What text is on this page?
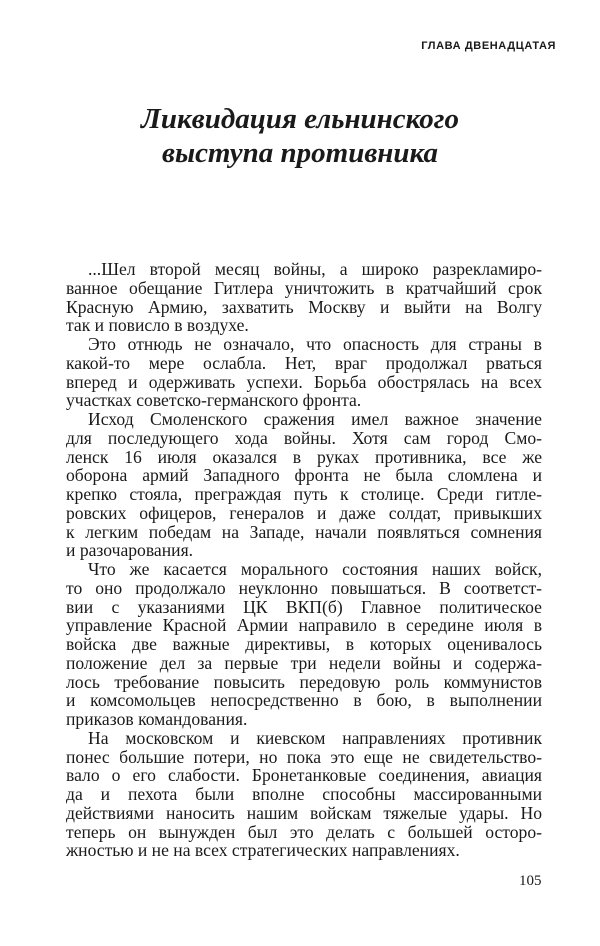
ГЛАВА ДВЕНАДЦАТАЯ
Ликвидация ельнинского
выступа противника
...Шел второй месяц войны, а широко разрекламиро-
ванное обещание Гитлера уничтожить в кратчайший срок
Красную Армию, захватить Москву и выйти на Волгу
так и повисло в воздухе.
Это отнюдь не означало, что опасность для страны в
какой-то мере ослабла. Нет, враг продолжал рваться
вперед и одерживать успехи. Борьба обострялась на всех
участках советско-германского фронта.
Исход Смоленского сражения имел важное значение
для последующего хода войны. Хотя сам город Смо-
ленск 16 июля оказался в руках противника, все же
оборона армий Западного фронта не была сломлена и
крепко стояла, преграждая путь к столице. Среди гитле-
ровских офицеров, генералов и даже солдат, привыкших
к легким победам на Западе, начали появляться сомнения
и разочарования.
Что же касается морального состояния наших войск,
то оно продолжало неуклонно повышаться. В соответст-
вии с указаниями ЦК ВКП(б) Главное политическое
управление Красной Армии направило в середине июля в
войска две важные директивы, в которых оценивалось
положение дел за первые три недели войны и содержа-
лось требование повысить передовую роль коммунистов
и комсомольцев непосредственно в бою, в выполнении
приказов командования.
На московском и киевском направлениях противник
понес большие потери, но пока это еще не свидетельство-
вало о его слабости. Бронетанковые соединения, авиация
да и пехота были вполне способны массированными
действиями наносить нашим войскам тяжелые удары. Но
теперь он вынужден был это делать с большей осторо-
жностью и не на всех стратегических направлениях.
105
